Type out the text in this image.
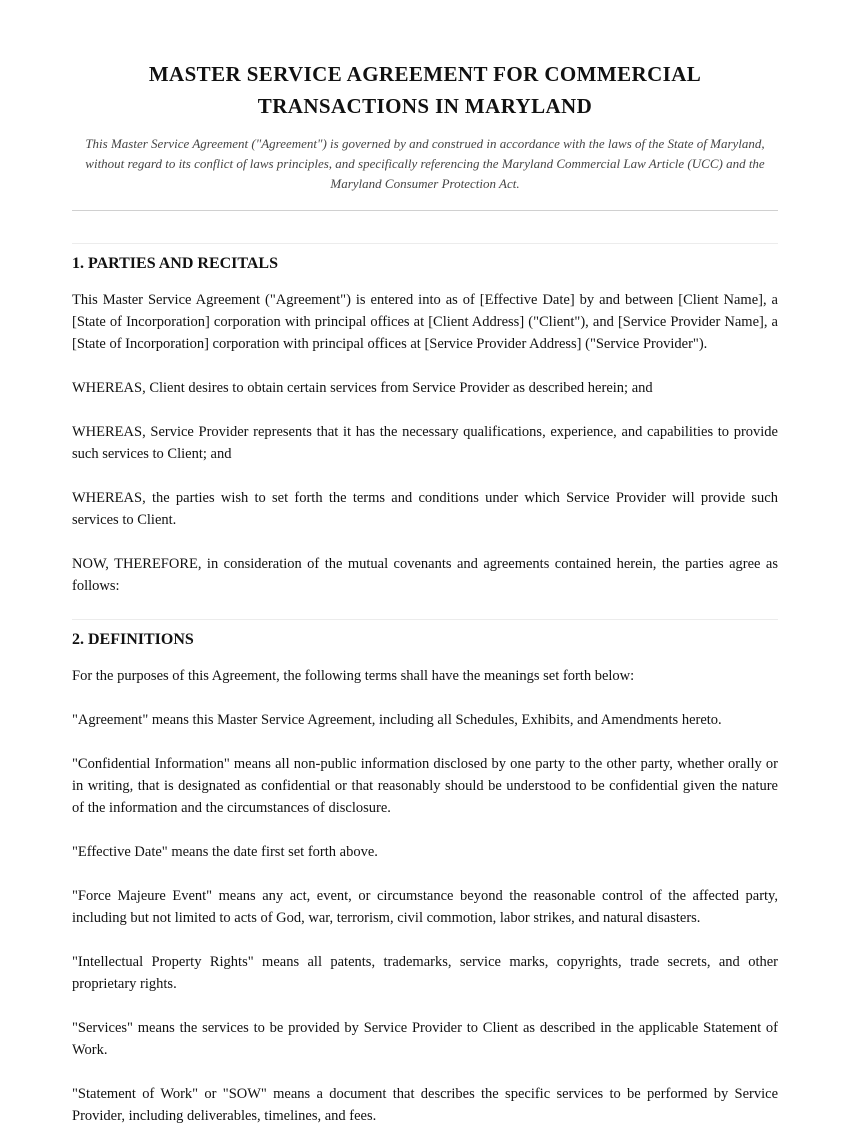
MASTER SERVICE AGREEMENT FOR COMMERCIAL TRANSACTIONS IN MARYLAND

This Master Service Agreement ("Agreement") is governed by and construed in accordance with the laws of the State of Maryland, without regard to its conflict of laws principles, and specifically referencing the Maryland Commercial Law Article (UCC) and the Maryland Consumer Protection Act.

1. PARTIES AND RECITALS

This Master Service Agreement ("Agreement") is entered into as of [Effective Date] by and between [Client Name], a [State of Incorporation] corporation with principal offices at [Client Address] ("Client"), and [Service Provider Name], a [State of Incorporation] corporation with principal offices at [Service Provider Address] ("Service Provider").

WHEREAS, Client desires to obtain certain services from Service Provider as described herein; and

WHEREAS, Service Provider represents that it has the necessary qualifications, experience, and capabilities to provide such services to Client; and

WHEREAS, the parties wish to set forth the terms and conditions under which Service Provider will provide such services to Client.

NOW, THEREFORE, in consideration of the mutual covenants and agreements contained herein, the parties agree as follows:

2. DEFINITIONS

For the purposes of this Agreement, the following terms shall have the meanings set forth below:

"Agreement" means this Master Service Agreement, including all Schedules, Exhibits, and Amendments hereto.

"Confidential Information" means all non-public information disclosed by one party to the other party, whether orally or in writing, that is designated as confidential or that reasonably should be understood to be confidential given the nature of the information and the circumstances of disclosure.

"Effective Date" means the date first set forth above.

"Force Majeure Event" means any act, event, or circumstance beyond the reasonable control of the affected party, including but not limited to acts of God, war, terrorism, civil commotion, labor strikes, and natural disasters.

"Intellectual Property Rights" means all patents, trademarks, service marks, copyrights, trade secrets, and other proprietary rights.

"Services" means the services to be provided by Service Provider to Client as described in the applicable Statement of Work.

"Statement of Work" or "SOW" means a document that describes the specific services to be performed by Service Provider, including deliverables, timelines, and fees.
